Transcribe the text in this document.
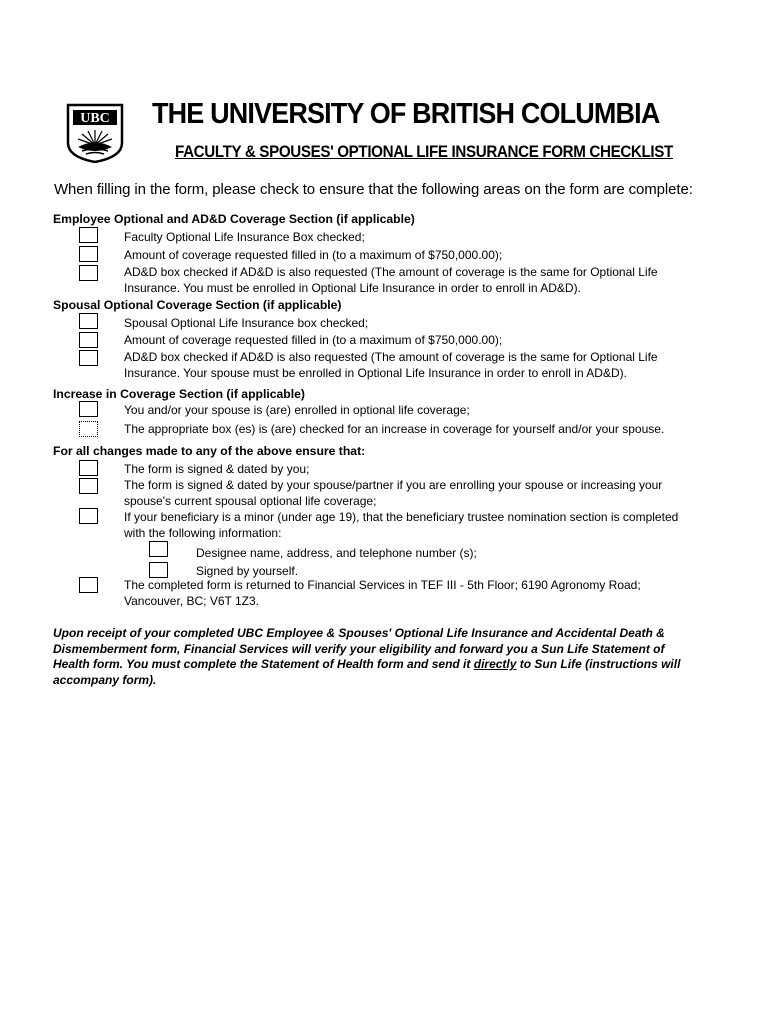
UBC THE UNIVERSITY OF BRITISH COLUMBIA
FACULTY & SPOUSES' OPTIONAL LIFE INSURANCE FORM CHECKLIST
When filling in the form, please check to ensure that the following areas on the form are complete:
Employee Optional and AD&D Coverage Section (if applicable)
Faculty Optional Life Insurance Box checked;
Amount of coverage requested filled in (to a maximum of $750,000.00);
AD&D box checked if AD&D is also requested (The amount of coverage is the same for Optional Life
Insurance. You must be enrolled in Optional Life Insurance in order to enroll in AD&D).
Spousal Optional Coverage Section (if applicable)
Spousal Optional Life Insurance box checked;
Amount of coverage requested filled in (to a maximum of $750,000.00);
AD&D box checked if AD&D is also requested (The amount of coverage is the same for Optional Life
Insurance. Your spouse must be enrolled in Optional Life Insurance in order to enroll in AD&D).
Increase in Coverage Section (if applicable)
You and/or your spouse is (are) enrolled in optional life coverage;
The appropriate box (es) is (are) checked for an increase in coverage for yourself and/or your spouse.
For all changes made to any of the above ensure that:
The form is signed & dated by you;
The form is signed & dated by your spouse/partner if you are enrolling your spouse or increasing your
spouse's current spousal optional life coverage;
If your beneficiary is a minor (under age 19), that the beneficiary trustee nomination section is completed
with the following information:
Designee name, address, and telephone number (s);
Signed by yourself.
The completed form is returned to Financial Services in TEF III - 5th Floor; 6190 Agronomy Road;
Vancouver, BC; V6T 1Z3.
Upon receipt of your completed UBC Employee & Spouses' Optional Life Insurance and Accidental Death & Dismemberment form, Financial Services will verify your eligibility and forward you a Sun Life Statement of Health form. You must complete the Statement of Health form and send it directly to Sun Life (instructions will accompany form).
